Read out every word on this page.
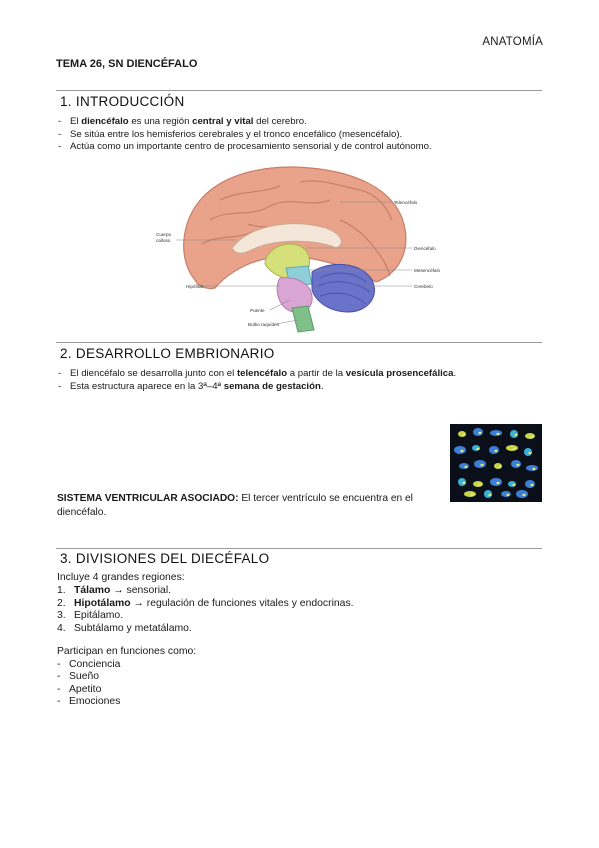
ANATOMÍA
TEMA 26, SN DIENCÉFALO
1. INTRODUCCIÓN
- El diencéfalo es una región central y vital del cerebro.
- Se sitúa entre los hemisferios cerebrales y el tronco encefálico (mesencéfalo).
- Actúa como un importante centro de procesamiento sensorial y de control autónomo.
Telencéfalo
Cuerpo
calloso
Diencéfalo
Mesencéfalo
Hipófisis	Cerebelo
Puente
Bulbo raquídeo
2. DESARROLLO EMBRIONARIO
- El diencéfalo se desarrolla junto con el telencéfalo a partir de la vesícula prosencefálica.
- Esta estructura aparece en la 3ª–4ª semana de gestación.
SISTEMA VENTRICULAR ASOCIADO: El tercer ventrículo se encuentra en el diencéfalo.
3. DIVISIONES DEL DIECÉFALO
Incluye 4 grandes regiones:
1. Tálamo → sensorial.
2. Hipotálamo → regulación de funciones vitales y endocrinas.
3. Epitálamo.
4. Subtálamo y metatálamo.
Participan en funciones como:
- Conciencia
- Sueño
- Apetito
- Emociones
